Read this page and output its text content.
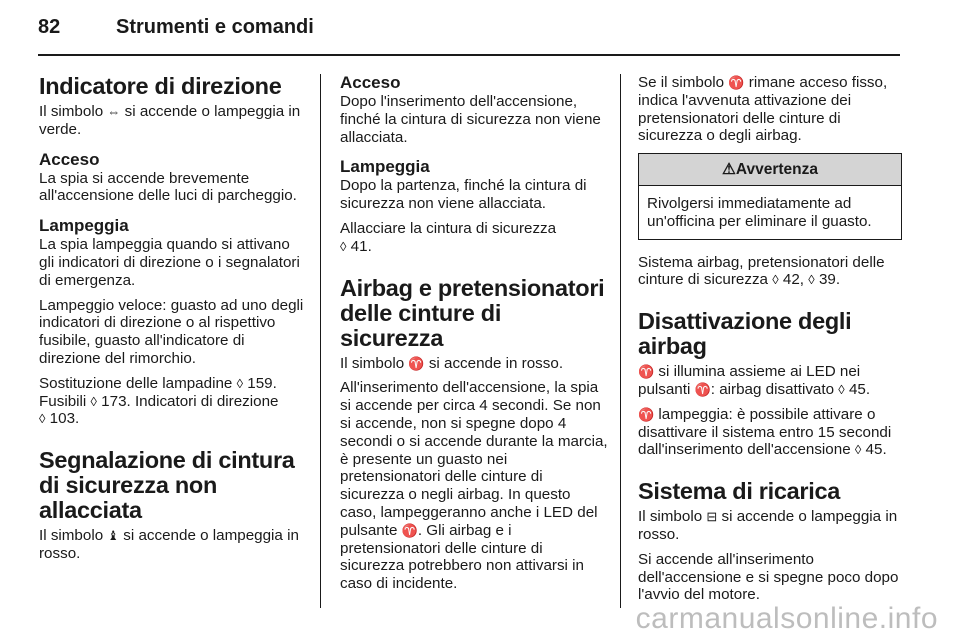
82	Strumenti e comandi
Indicatore di direzione

Il simbolo ⇔ si accende o lampeggia in verde.

Acceso

La spia si accende brevemente all'accensione delle luci di parcheggio.

Lampeggia

La spia lampeggia quando si attivano gli indicatori di direzione o i segnalatori di emergenza.

Lampeggio veloce: guasto ad uno degli indicatori di direzione o al rispettivo fusibile, guasto all'indicatore di direzione del rimorchio.

Sostituzione delle lampadine ◊ 159. Fusibili ◊ 173. Indicatori di direzione
◊ 103.

Segnalazione di cintura di sicurezza non allacciata

Il simbolo ♝ si accende o lampeggia in rosso.

Acceso

Dopo l'inserimento dell'accensione, finché la cintura di sicurezza non viene allacciata.

Lampeggia

Dopo la partenza, finché la cintura di sicurezza non viene allacciata.

Allacciare la cintura di sicurezza
◊ 41.

Airbag e pretensionatori delle cinture di sicurezza

Il simbolo ♈ si accende in rosso.

All'inserimento dell'accensione, la spia si accende per circa 4 secondi. Se non si accende, non si spegne dopo 4 secondi o si accende durante la marcia, è presente un guasto nei pretensionatori delle cinture di sicurezza o negli airbag. In questo caso, lampeggeranno anche i LED del pulsante ♈. Gli airbag e i pretensionatori delle cinture di sicurezza potrebbero non attivarsi in caso di incidente.

Se il simbolo ♈ rimane acceso fisso, indica l'avvenuta attivazione dei pretensionatori delle cinture di sicurezza o degli airbag.

⚠Avvertenza
Rivolgersi immediatamente ad un'officina per eliminare il guasto.

Sistema airbag, pretensionatori delle cinture di sicurezza ◊ 42, ◊ 39.

Disattivazione degli airbag

♈ si illumina assieme ai LED nei pulsanti ♈: airbag disattivato ◊ 45.

♈ lampeggia: è possibile attivare o disattivare il sistema entro 15 secondi dall'inserimento dell'accensione ◊ 45.

Sistema di ricarica

Il simbolo ⊟ si accende o lampeggia in rosso.

Si accende all'inserimento dell'accensione e si spegne poco dopo l'avvio del motore.

carmanualsonline.info
